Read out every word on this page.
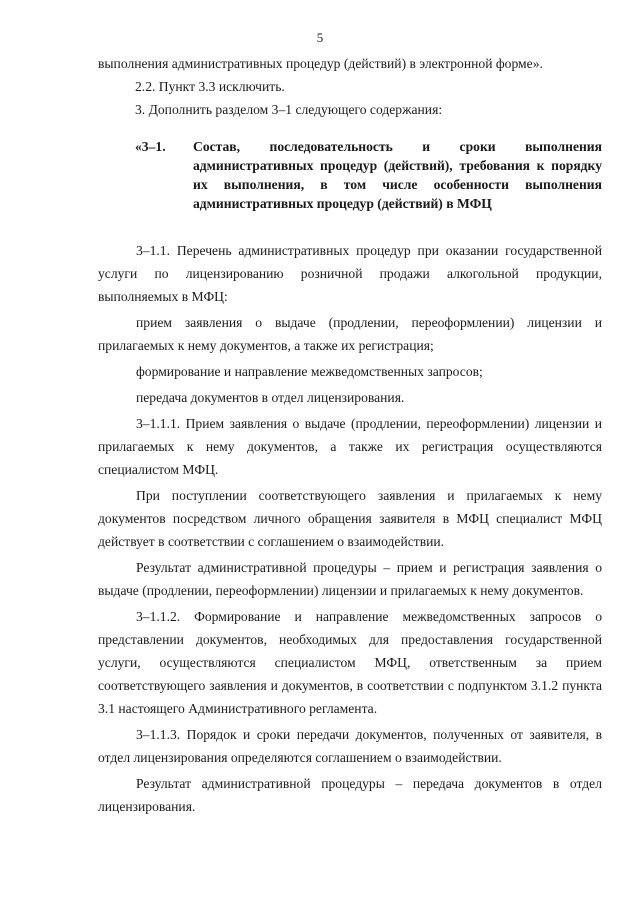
5

выполнения административных процедур (действий) в электронной форме».

2.2. Пункт 3.3 исключить.

3. Дополнить разделом 3–1 следующего содержания:

«3–1.	Состав, последовательность и сроки выполнения административных процедур (действий), требования к порядку их выполнения, в том числе особенности выполнения административных процедур (действий) в МФЦ

3–1.1. Перечень административных процедур при оказании государственной услуги по лицензированию розничной продажи алкогольной продукции, выполняемых в МФЦ:

прием заявления о выдаче (продлении, переоформлении) лицензии и прилагаемых к нему документов, а также их регистрация;

формирование и направление межведомственных запросов;

передача документов в отдел лицензирования.

3–1.1.1. Прием заявления о выдаче (продлении, переоформлении) лицензии и прилагаемых к нему документов, а также их регистрация осуществляются специалистом МФЦ.

При поступлении соответствующего заявления и прилагаемых к нему документов посредством личного обращения заявителя в МФЦ специалист МФЦ действует в соответствии с соглашением о взаимодействии.

Результат административной процедуры – прием и регистрация заявления о выдаче (продлении, переоформлении) лицензии и прилагаемых к нему документов.

3–1.1.2. Формирование и направление межведомственных запросов о представлении документов, необходимых для предоставления государственной услуги, осуществляются специалистом МФЦ, ответственным за прием соответствующего заявления и документов, в соответствии с подпунктом 3.1.2 пункта 3.1 настоящего Административного регламента.

3–1.1.3. Порядок и сроки передачи документов, полученных от заявителя, в отдел лицензирования определяются соглашением о взаимодействии.

Результат административной процедуры – передача документов в отдел лицензирования.
